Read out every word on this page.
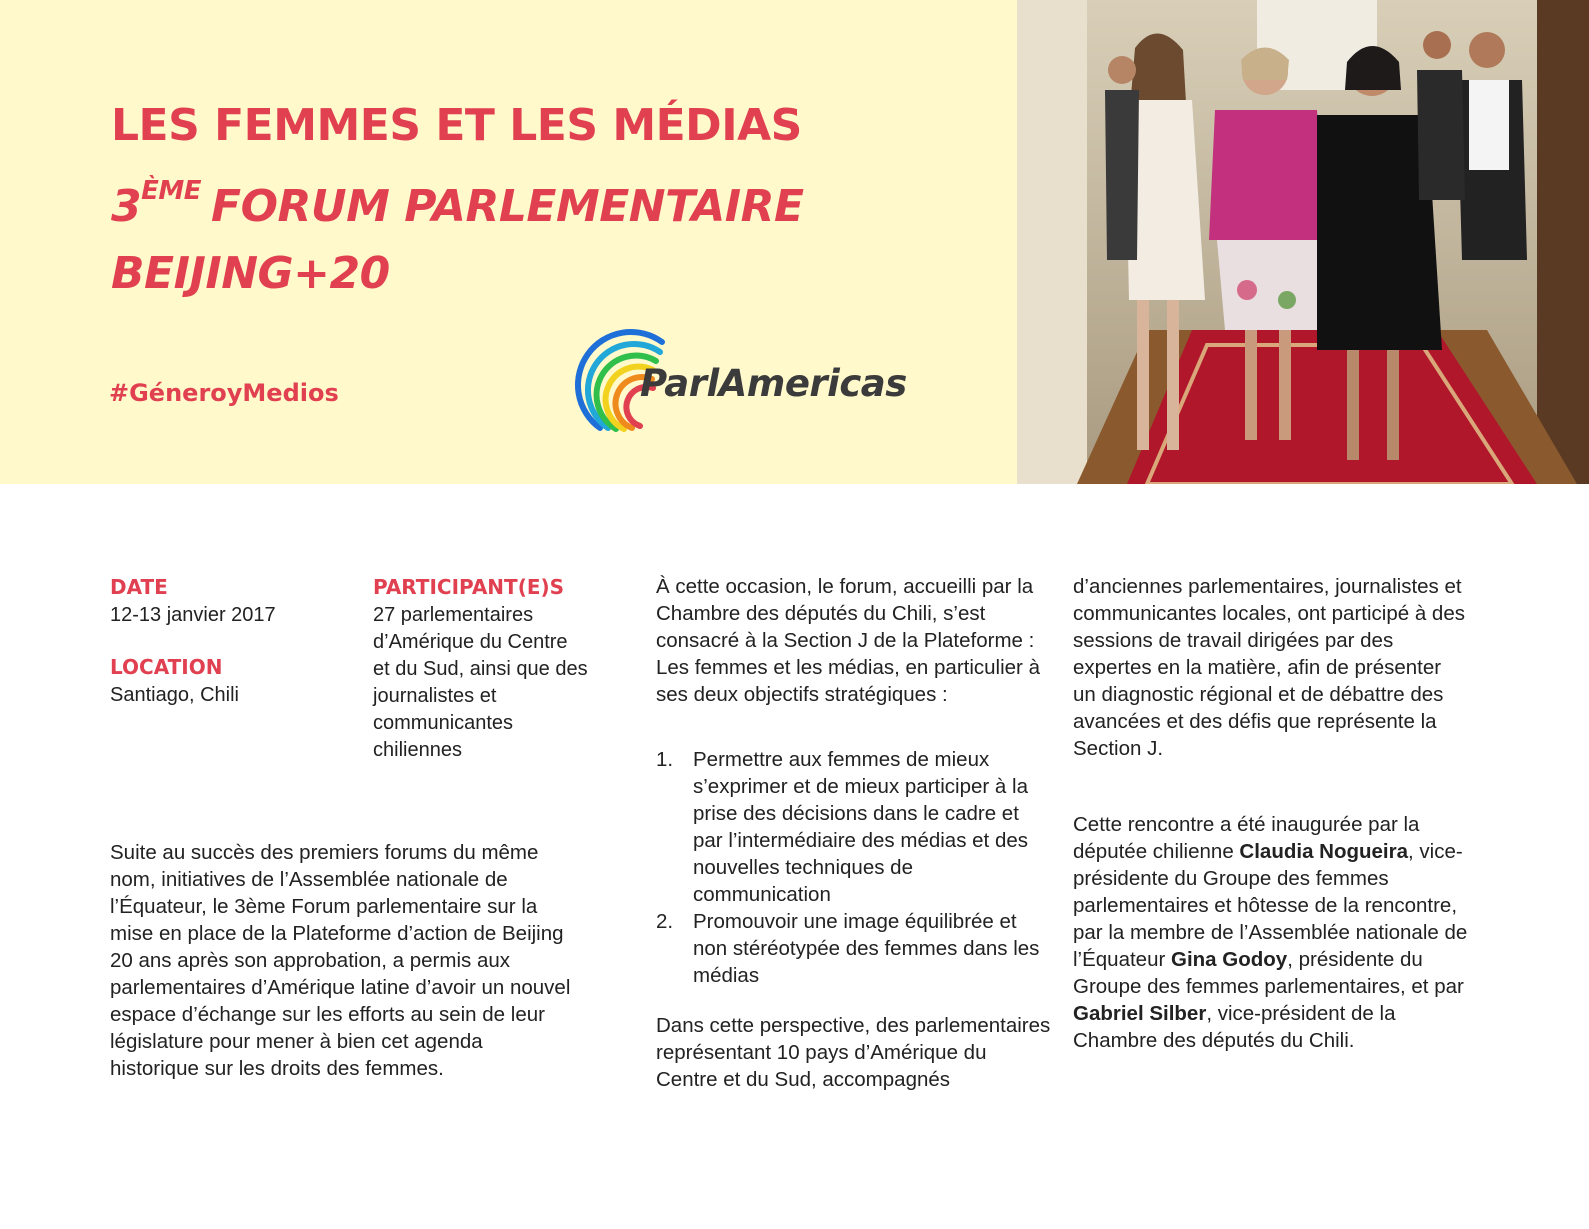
LES FEMMES ET LES MÉDIAS
3ÈME FORUM PARLEMENTAIRE
BEIJING+20
#GéneroyMedios	ParlAmericas
DATE
12-13 janvier 2017
LOCATION
Santiago, Chili
PARTICIPANT(E)S
27 parlementaires
d’Amérique du Centre
et du Sud, ainsi que des
journalistes et
communicantes
chiliennes
Suite au succès des premiers forums du même
nom, initiatives de l’Assemblée nationale de
l’Équateur, le 3ème Forum parlementaire sur la
mise en place de la Plateforme d’action de Beijing
20 ans après son approbation, a permis aux
parlementaires d’Amérique latine d’avoir un nouvel
espace d’échange sur les efforts au sein de leur
législature pour mener à bien cet agenda
historique sur les droits des femmes.
À cette occasion, le forum, accueilli par la
Chambre des députés du Chili, s’est
consacré à la Section J de la Plateforme :
Les femmes et les médias, en particulier à
ses deux objectifs stratégiques :
1. Permettre aux femmes de mieux
s’exprimer et de mieux participer à la
prise des décisions dans le cadre et
par l’intermédiaire des médias et des
nouvelles techniques de
communication
2. Promouvoir une image équilibrée et
non stéréotypée des femmes dans les
médias
Dans cette perspective, des parlementaires
représentant 10 pays d’Amérique du
Centre et du Sud, accompagnés
d’anciennes parlementaires, journalistes et
communicantes locales, ont participé à des
sessions de travail dirigées par des
expertes en la matière, afin de présenter
un diagnostic régional et de débattre des
avancées et des défis que représente la
Section J.
Cette rencontre a été inaugurée par la
députée chilienne Claudia Nogueira, vice-
présidente du Groupe des femmes
parlementaires et hôtesse de la rencontre,
par la membre de l’Assemblée nationale de
l’Équateur Gina Godoy, présidente du
Groupe des femmes parlementaires, et par
Gabriel Silber, vice-président de la
Chambre des députés du Chili.
